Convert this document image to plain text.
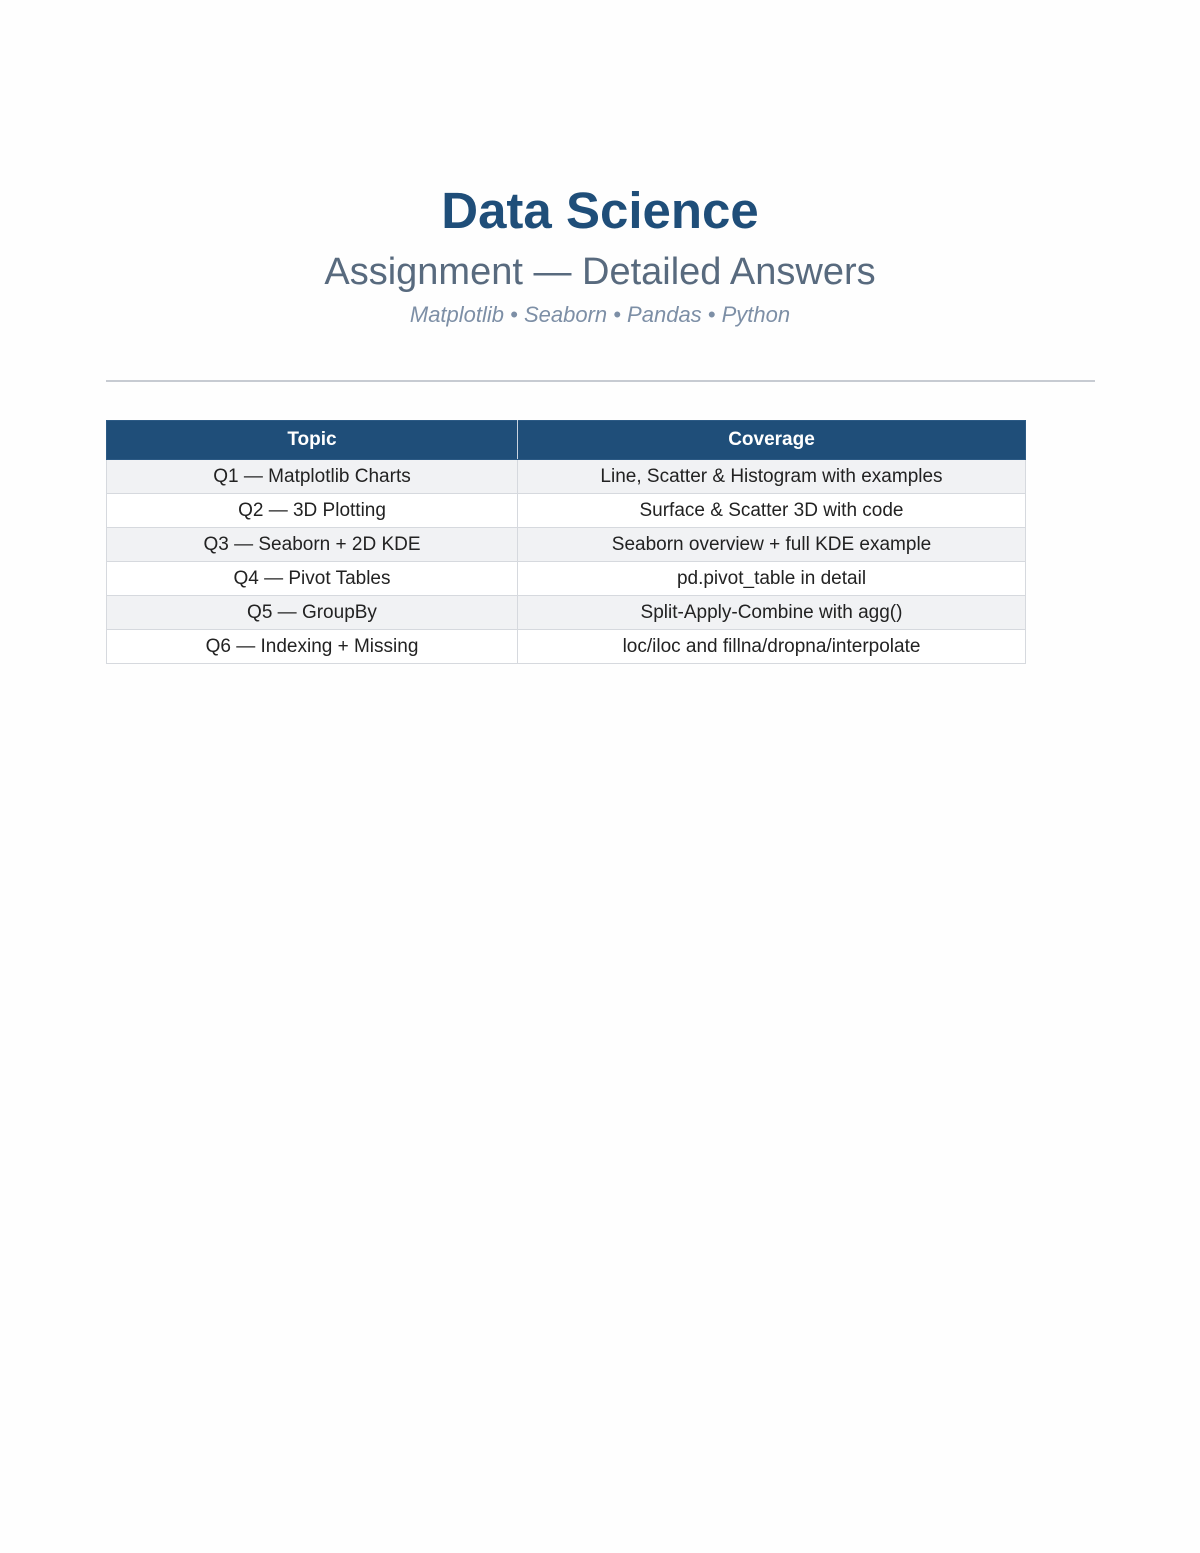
Data Science
Assignment — Detailed Answers
Matplotlib • Seaborn • Pandas • Python
Topic	Coverage
Q1 — Matplotlib Charts	Line, Scatter & Histogram with examples
Q2 — 3D Plotting	Surface & Scatter 3D with code
Q3 — Seaborn + 2D KDE	Seaborn overview + full KDE example
Q4 — Pivot Tables	pd.pivot_table in detail
Q5 — GroupBy	Split-Apply-Combine with agg()
Q6 — Indexing + Missing	loc/iloc and fillna/dropna/interpolate
